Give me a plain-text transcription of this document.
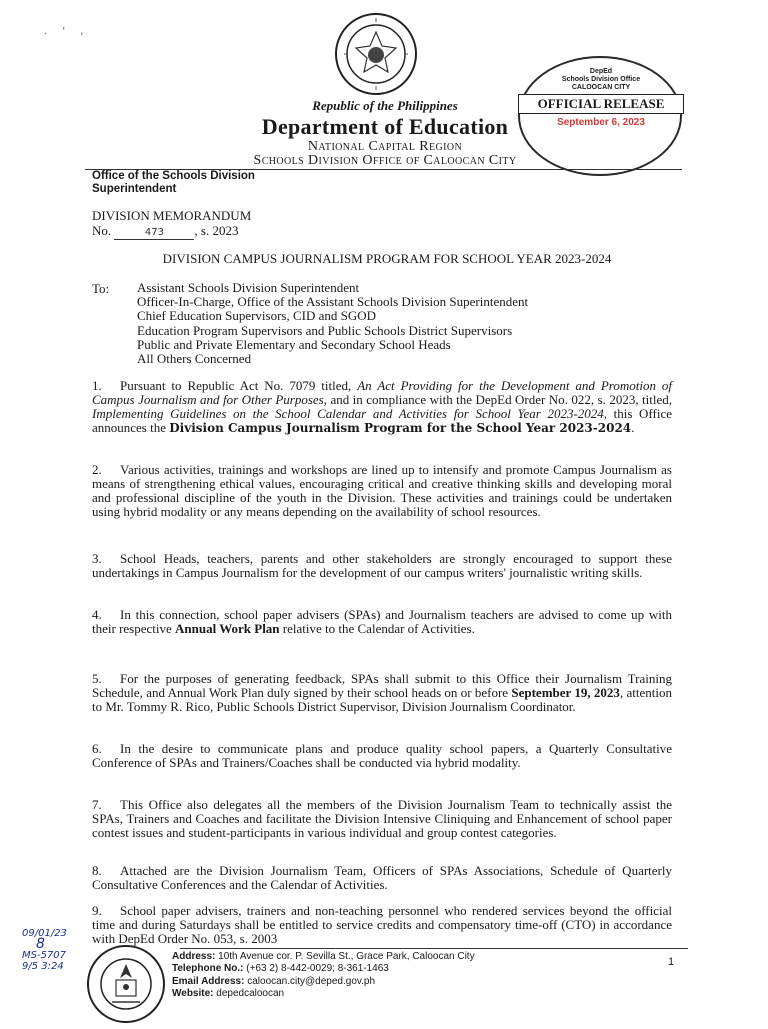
. ' ,
DepEd
Schools Division Office
CALOOCAN CITY
OFFICIAL RELEASE
September 6, 2023
Republic of the Philippines
Department of Education
National Capital Region
Schools Division Office of Caloocan City
Office of the Schools Division
Superintendent
DIVISION MEMORANDUM
No.	473 , s. 2023
DIVISION CAMPUS JOURNALISM PROGRAM FOR SCHOOL YEAR 2023-2024
To: Assistant Schools Division Superintendent
Officer-In-Charge, Office of the Assistant Schools Division Superintendent
Chief Education Supervisors, CID and SGOD
Education Program Supervisors and Public Schools District Supervisors
Public and Private Elementary and Secondary School Heads
All Others Concerned
1. Pursuant to Republic Act No. 7079 titled, An Act Providing for the Development and Promotion of Campus Journalism and for Other Purposes, and in compliance with the DepEd Order No. 022, s. 2023, titled, Implementing Guidelines on the School Calendar and Activities for School Year 2023-2024, this Office announces the Division Campus Journalism Program for the School Year 2023-2024.
2. Various activities, trainings and workshops are lined up to intensify and promote Campus Journalism as means of strengthening ethical values, encouraging critical and creative thinking skills and developing moral and professional discipline of the youth in the Division. These activities and trainings could be undertaken using hybrid modality or any means depending on the availability of school resources.
3. School Heads, teachers, parents and other stakeholders are strongly encouraged to support these undertakings in Campus Journalism for the development of our campus writers' journalistic writing skills.
4. In this connection, school paper advisers (SPAs) and Journalism teachers are advised to come up with their respective Annual Work Plan relative to the Calendar of Activities.
5. For the purposes of generating feedback, SPAs shall submit to this Office their Journalism Training Schedule, and Annual Work Plan duly signed by their school heads on or before September 19, 2023, attention to Mr. Tommy R. Rico, Public Schools District Supervisor, Division Journalism Coordinator.
6. In the desire to communicate plans and produce quality school papers, a Quarterly Consultative Conference of SPAs and Trainers/Coaches shall be conducted via hybrid modality.
7. This Office also delegates all the members of the Division Journalism Team to technically assist the SPAs, Trainers and Coaches and facilitate the Division Intensive Cliniquing and Enhancement of school paper contest issues and student-participants in various individual and group contest categories.
8. Attached are the Division Journalism Team, Officers of SPAs Associations, Schedule of Quarterly Consultative Conferences and the Calendar of Activities.
9. School paper advisers, trainers and non-teaching personnel who rendered services beyond the official time and during Saturdays shall be entitled to service credits and compensatory time-off (CTO) in accordance with DepEd Order No. 053, s. 2003
09/01/23
8
MS-5707
9/5 3:24
Address: 10th Avenue cor. P. Sevilla St., Grace Park, Caloocan City
Telephone No.: (+63 2) 8-442-0029; 8-361-1463
Email Address: caloocan.city@deped.gov.ph
Website: depedcaloocan
1
